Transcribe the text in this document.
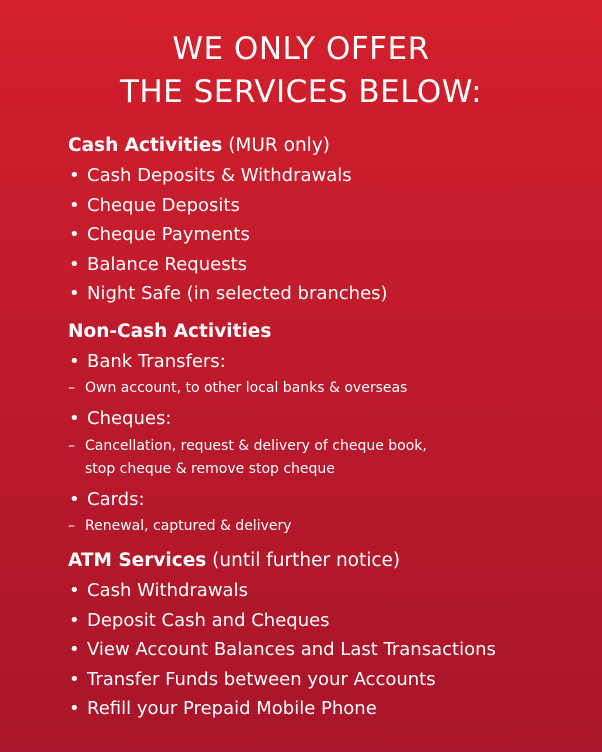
WE ONLY OFFER
THE SERVICES BELOW:
Cash Activities (MUR only)
• Cash Deposits & Withdrawals
• Cheque Deposits
• Cheque Payments
• Balance Requests
• Night Safe (in selected branches)
Non-Cash Activities
• Bank Transfers:
– Own account, to other local banks & overseas
• Cheques:
– Cancellation, request & delivery of cheque book,
stop cheque & remove stop cheque
• Cards:
– Renewal, captured & delivery
ATM Services (until further notice)
• Cash Withdrawals
• Deposit Cash and Cheques
• View Account Balances and Last Transactions
• Transfer Funds between your Accounts
• Refill your Prepaid Mobile Phone
